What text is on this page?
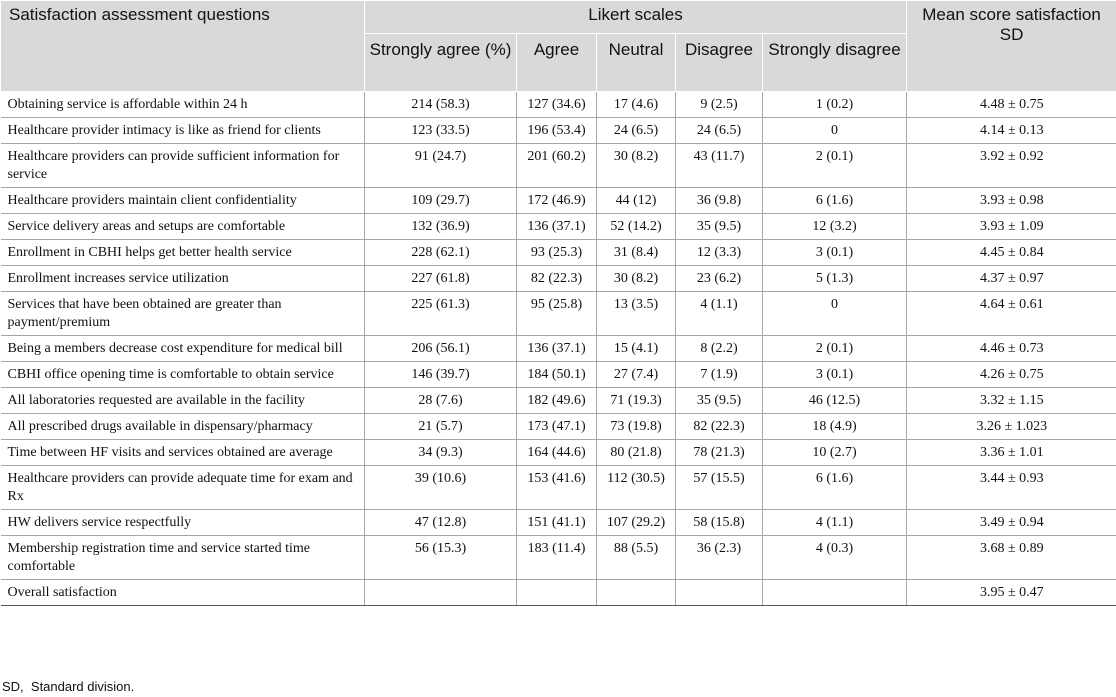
Satisfaction assessment questions	Likert scales					Mean score satisfaction SD
	Strongly agree (%)	Agree	Neutral	Disagree	Strongly disagree	
Obtaining service is affordable within 24 h	214 (58.3)	127 (34.6)	17 (4.6)	9 (2.5)	1 (0.2)	4.48 ± 0.75
Healthcare provider intimacy is like as friend for clients	123 (33.5)	196 (53.4)	24 (6.5)	24 (6.5)	0	4.14 ± 0.13
Healthcare providers can provide sufficient information for service	91 (24.7)	201 (60.2)	30 (8.2)	43 (11.7)	2 (0.1)	3.92 ± 0.92
Healthcare providers maintain client confidentiality	109 (29.7)	172 (46.9)	44 (12)	36 (9.8)	6 (1.6)	3.93 ± 0.98
Service delivery areas and setups are comfortable	132 (36.9)	136 (37.1)	52 (14.2)	35 (9.5)	12 (3.2)	3.93 ± 1.09
Enrollment in CBHI helps get better health service	228 (62.1)	93 (25.3)	31 (8.4)	12 (3.3)	3 (0.1)	4.45 ± 0.84
Enrollment increases service utilization	227 (61.8)	82 (22.3)	30 (8.2)	23 (6.2)	5 (1.3)	4.37 ± 0.97
Services that have been obtained are greater than payment/premium	225 (61.3)	95 (25.8)	13 (3.5)	4 (1.1)	0	4.64 ± 0.61
Being a members decrease cost expenditure for medical bill	206 (56.1)	136 (37.1)	15 (4.1)	8 (2.2)	2 (0.1)	4.46 ± 0.73
CBHI office opening time is comfortable to obtain service	146 (39.7)	184 (50.1)	27 (7.4)	7 (1.9)	3 (0.1)	4.26 ± 0.75
All laboratories requested are available in the facility	28 (7.6)	182 (49.6)	71 (19.3)	35 (9.5)	46 (12.5)	3.32 ± 1.15
All prescribed drugs available in dispensary/pharmacy	21 (5.7)	173 (47.1)	73 (19.8)	82 (22.3)	18 (4.9)	3.26 ± 1.023
Time between HF visits and services obtained are average	34 (9.3)	164 (44.6)	80 (21.8)	78 (21.3)	10 (2.7)	3.36 ± 1.01
Healthcare providers can provide adequate time for exam and Rx	39 (10.6)	153 (41.6)	112 (30.5)	57 (15.5)	6 (1.6)	3.44 ± 0.93
HW delivers service respectfully	47 (12.8)	151 (41.1)	107 (29.2)	58 (15.8)	4 (1.1)	3.49 ± 0.94
Membership registration time and service started time comfortable	56 (15.3)	183 (11.4)	88 (5.5)	36 (2.3)	4 (0.3)	3.68 ± 0.89
Overall satisfaction						3.95 ± 0.47
SD,  Standard division.
